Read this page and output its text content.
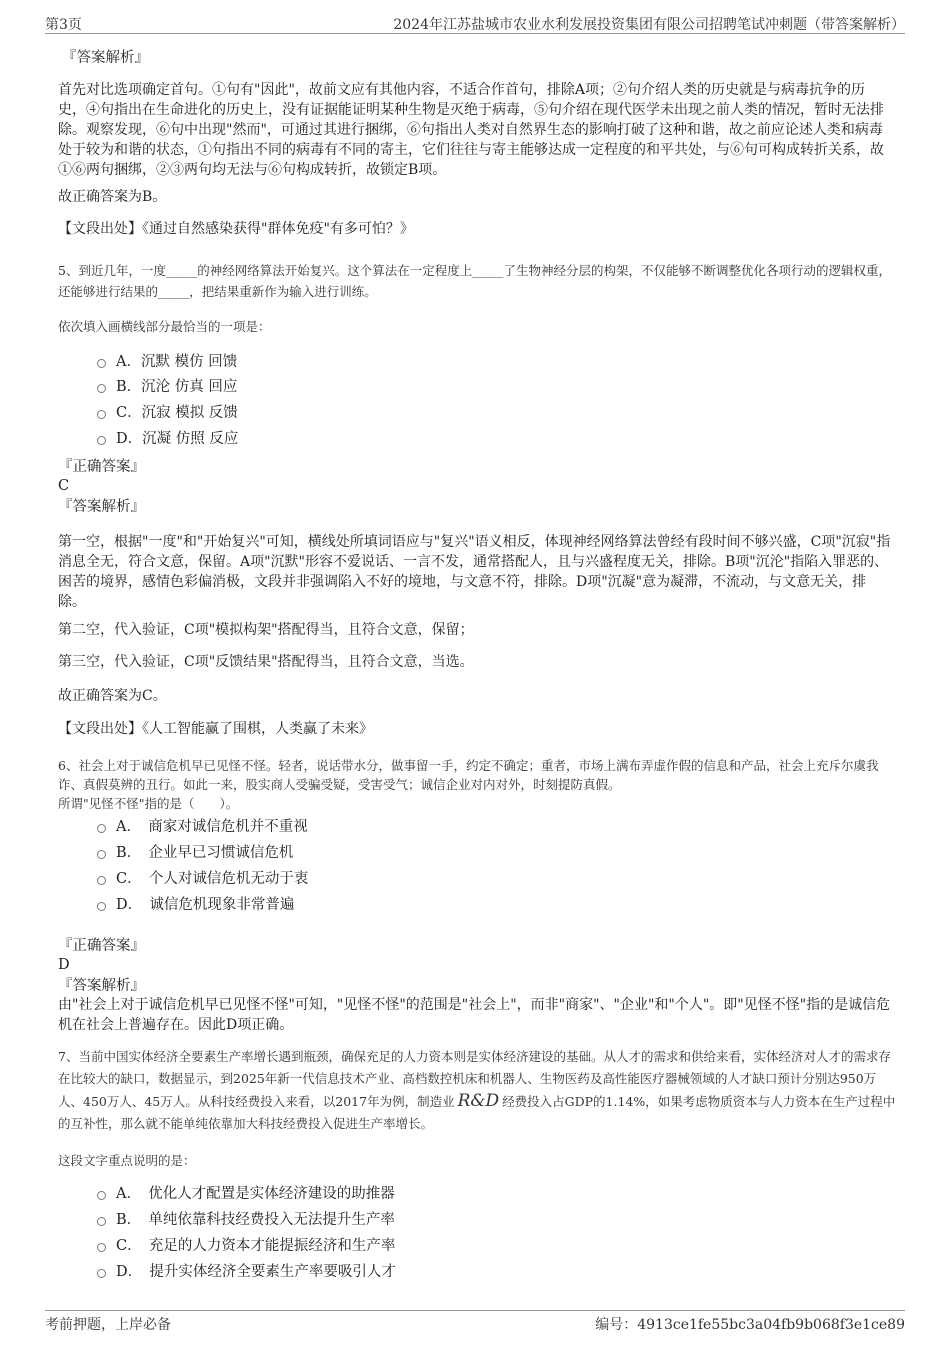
第3页	2024年江苏盐城市农业水利发展投资集团有限公司招聘笔试冲刺题（带答案解析）
『答案解析』
首先对比选项确定首句。①句有"因此"，故前文应有其他内容，不适合作首句，排除A项；②句介绍人类的历史就是与病毒抗争的历史，④句指出在生命进化的历史上，没有证据能证明某种生物是灭绝于病毒，⑤句介绍在现代医学未出现之前人类的情况，暂时无法排除。观察发现，⑥句中出现"然而"，可通过其进行捆绑，⑥句指出人类对自然界生态的影响打破了这种和谐，故之前应论述人类和病毒处于较为和谐的状态，①句指出不同的病毒有不同的寄主，它们往往与寄主能够达成一定程度的和平共处，与⑥句可构成转折关系，故①⑥两句捆绑，②③两句均无法与⑥句构成转折，故锁定B项。
故正确答案为B。
【文段出处】《通过自然感染获得"群体免疫"有多可怕？》
5、到近几年，一度_____的神经网络算法开始复兴。这个算法在一定程度上_____了生物神经分层的构架，不仅能够不断调整优化各项行动的逻辑权重，还能够进行结果的_____，把结果重新作为输入进行训练。
依次填入画横线部分最恰当的一项是：
A．沉默 模仿 回馈
B．沉沦 仿真 回应
C．沉寂 模拟 反馈
D．沉凝 仿照 反应
『正确答案』
C
『答案解析』
第一空，根据"一度"和"开始复兴"可知，横线处所填词语应与"复兴"语义相反，体现神经网络算法曾经有段时间不够兴盛，C项"沉寂"指消息全无，符合文意，保留。A项"沉默"形容不爱说话、一言不发，通常搭配人，且与兴盛程度无关，排除。B项"沉沦"指陷入罪恶的、困苦的境界，感情色彩偏消极，文段并非强调陷入不好的境地，与文意不符，排除。D项"沉凝"意为凝滞，不流动，与文意无关，排除。
第二空，代入验证，C项"模拟构架"搭配得当，且符合文意，保留；
第三空，代入验证，C项"反馈结果"搭配得当，且符合文意，当选。
故正确答案为C。
【文段出处】《人工智能赢了围棋，人类赢了未来》
6、社会上对于诚信危机早已见怪不怪。轻者，说话带水分，做事留一手，约定不确定；重者，市场上满布弄虚作假的信息和产品，社会上充斥尔虞我诈、真假莫辨的丑行。如此一来，股实商人受骗受疑，受害受气；诚信企业对内对外，时刻提防真假。
所谓"见怪不怪"指的是（　　）。
A．　商家对诚信危机并不重视
B．　企业早已习惯诚信危机
C．　个人对诚信危机无动于衷
D．　诚信危机现象非常普遍
『正确答案』
D
『答案解析』
由"社会上对于诚信危机早已见怪不怪"可知，"见怪不怪"的范围是"社会上"，而非"商家"、"企业"和"个人"。即"见怪不怪"指的是诚信危机在社会上普遍存在。因此D项正确。
7、当前中国实体经济全要素生产率增长遇到瓶颈，确保充足的人力资本则是实体经济建设的基础。从人才的需求和供给来看，实体经济对人才的需求存在比较大的缺口，数据显示，到2025年新一代信息技术产业、高档数控机床和机器人、生物医药及高性能医疗器械领域的人才缺口预计分别达950万人、450万人、45万人。从科技经费投入来看，以2017年为例，制造业 R&D 经费投入占GDP的1.14%，如果考虑物质资本与人力资本在生产过程中的互补性，那么就不能单纯依靠加大科技经费投入促进生产率增长。
这段文字重点说明的是：
A．　优化人才配置是实体经济建设的助推器
B．　单纯依靠科技经费投入无法提升生产率
C．　充足的人力资本才能提振经济和生产率
D．　提升实体经济全要素生产率要吸引人才
考前押题，上岸必备	编号：4913ce1fe55bc3a04fb9b068f3e1ce89
